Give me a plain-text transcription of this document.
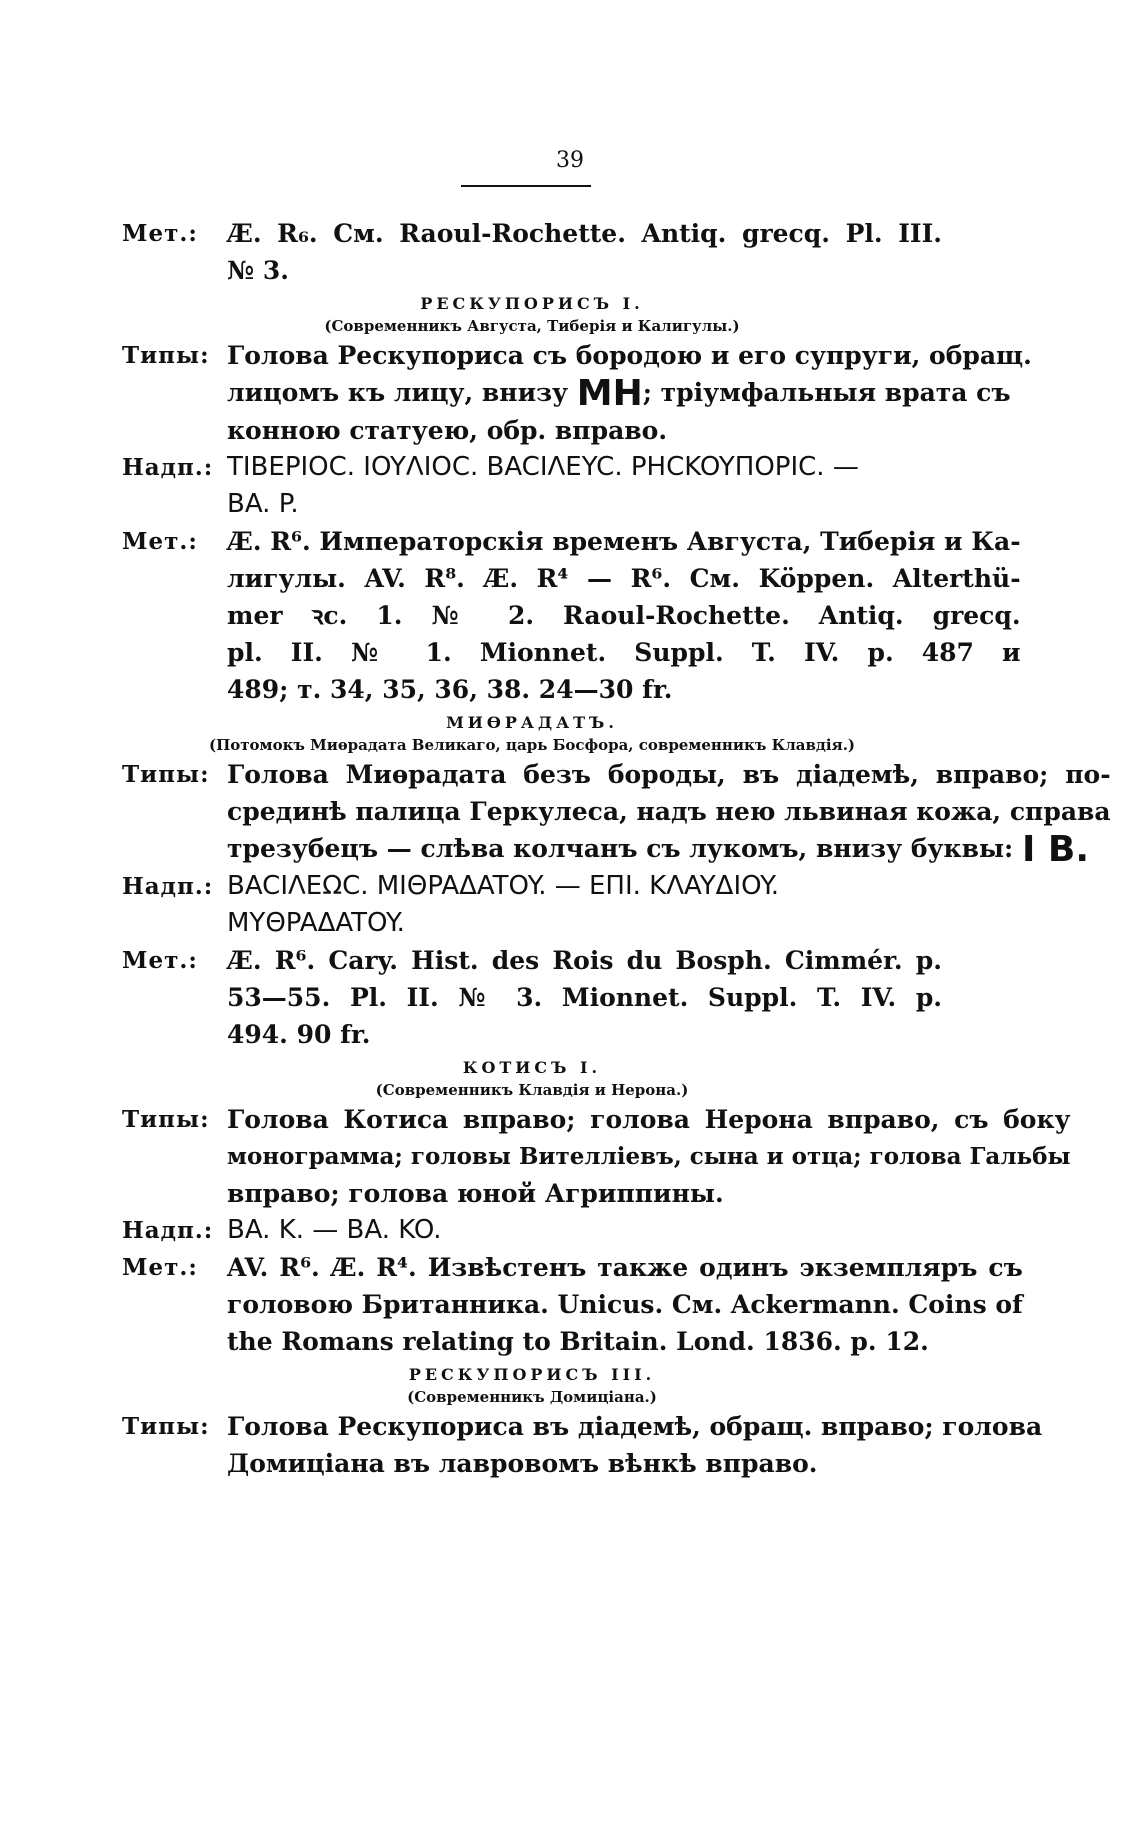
39
Мет.:	Æ. R₆. См. Raoul-Rochette. Antiq. grecq. Pl. III.
№ 3.
РЕСКУПОРИСЪ I.
(Современникъ Августа, Тиберія и Калигулы.)
Типы: Голова Рескупориса съ бородою и его супруги, обращ.
лицомъ къ лицу, внизу МН; тріумфальныя врата съ
конною статуею, обр. вправо.
Надп.: TIBEPIOC. IOYΛIOC. BACIΛEYC. PHCKOYΠOPIC. —
BA. P.
Мет.:	Æ. R⁶. Императорскія временъ Августа, Тиберія и Ка-
лигулы. AV. R⁸. Æ. R⁴ — R⁶. См. Köppen. Alterthü-
mer ꝛc. 1. № 2. Raoul-Rochette. Antiq. grecq.
pl. II. № 1. Mionnet. Suppl. T. IV. p. 487 и
489; т. 34, 35, 36, 38. 24—30 fr.
МИѲРАДАТЪ.
(Потомокъ Миѳрадата Великаго, царь Босфора, современникъ Клавдія.)
Типы: Голова Миѳрадата безъ бороды, въ діадемѣ, вправо; по-
срединѣ палица Геркулеса, надъ нею львиная кожа, справа
трезубецъ — слѣва колчанъ съ лукомъ, внизу буквы: I B.
Надп.: BACIΛEΩC. MIΘPAΔATOY. — EΠI. KΛAYΔIOY.
MYΘPAΔATOY.
Мет.:	Æ. R⁶. Cary. Hist. des Rois du Bosph. Cimmér. p.
53—55. Pl. II. № 3. Mionnet. Suppl. T. IV. p.
494. 90 fr.
КОТИСЪ I.
(Современникъ Клавдія и Нерона.)
Типы: Голова Котиса вправо; голова Нерона вправо, съ боку
монограмма; головы Вителліевъ, сына и отца; голова Гальбы
вправо; голова юной Агриппины.
Надп.: BA. K. — BA. KO.
Мет.:	AV. R⁶. Æ. R⁴. Извѣстенъ также одинъ экземпляръ съ
головою Британника. Unicus. См. Ackermann. Coins of
the Romans relating to Britain. Lond. 1836. p. 12.
РЕСКУПОРИСЪ III.
(Современникъ Домиціана.)
Типы: Голова Рескупориса въ діадемѣ, обращ. вправо; голова
Домиціана въ лавровомъ вѣнкѣ вправо.
